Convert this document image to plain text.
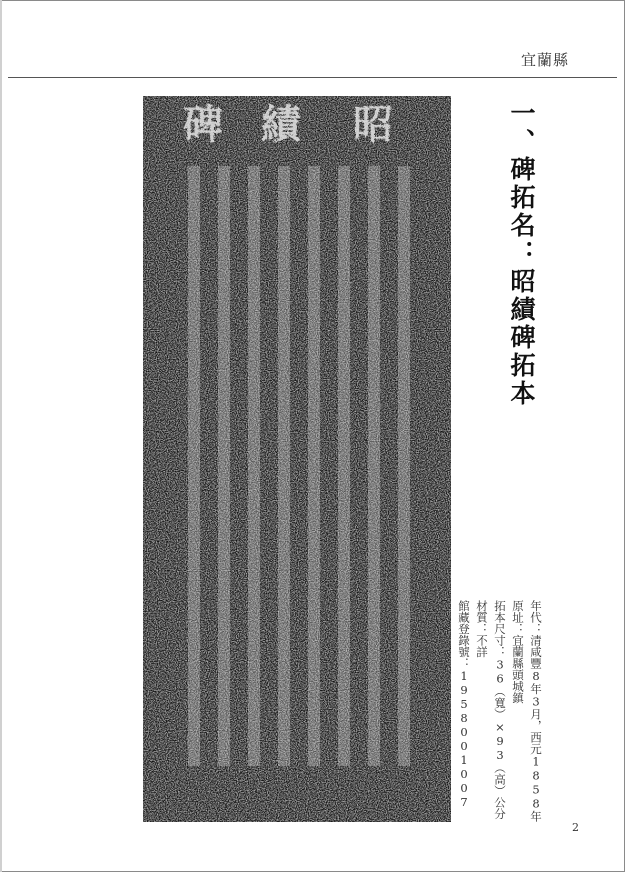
宜蘭縣
昭
績
碑	一、碑拓名：昭績碑拓本
年代：清咸豐8年3月，西元1858年
原址：宜蘭縣頭城鎮
拓本尺寸：36（寬）×93（高）公分
材質：不詳
館藏登錄號：1958001007
2
